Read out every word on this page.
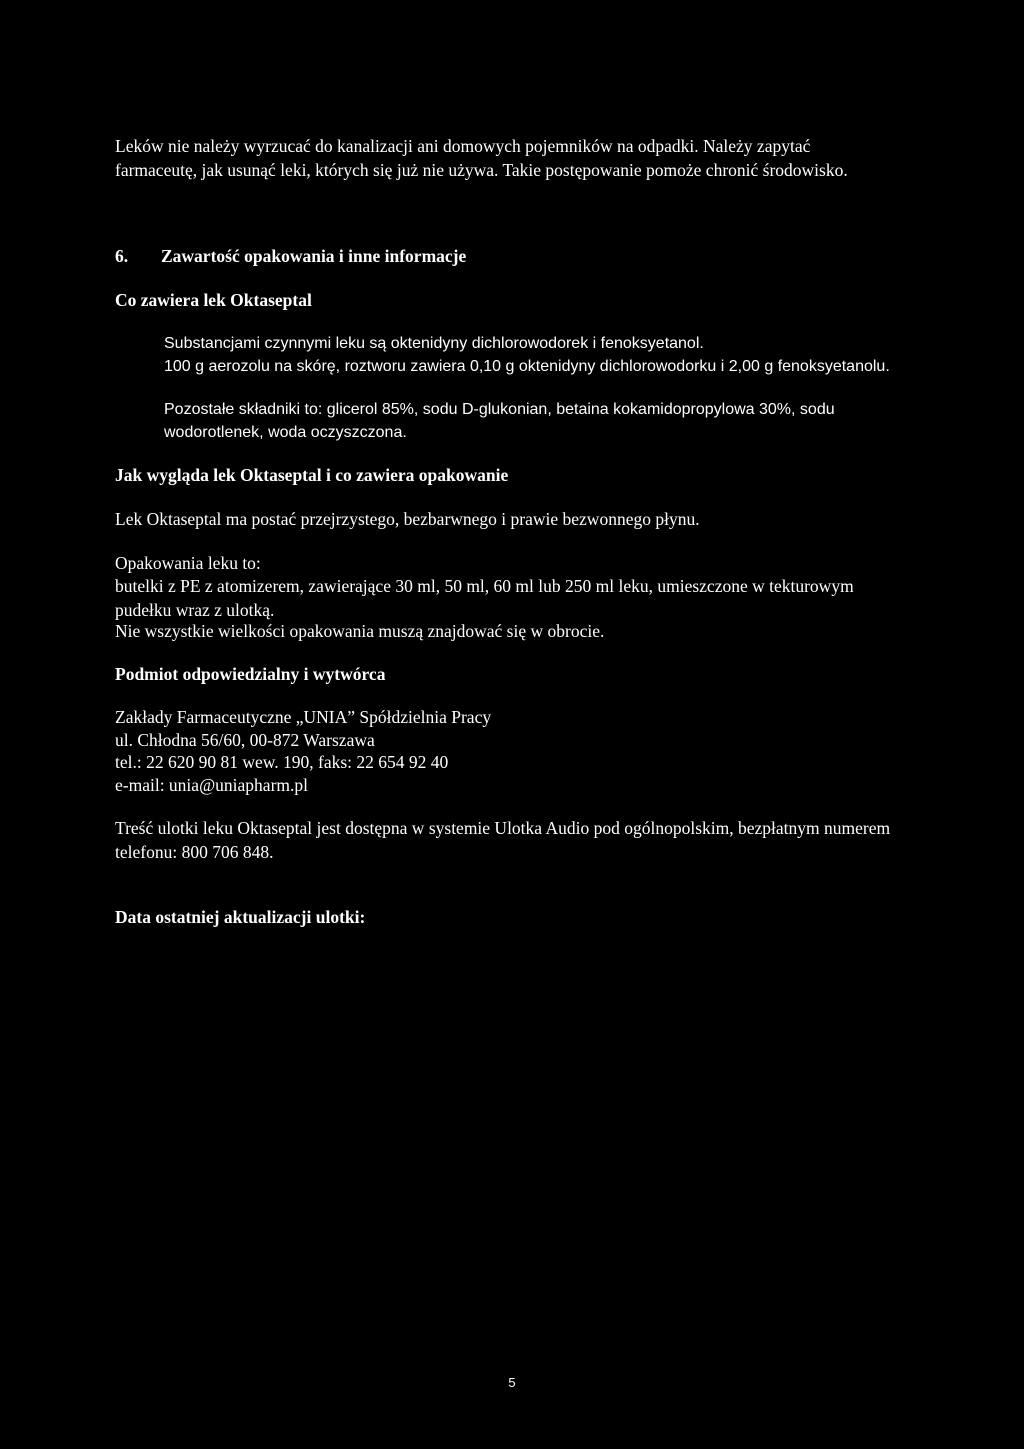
Leków nie należy wyrzucać do kanalizacji ani domowych pojemników na odpadki. Należy zapytać farmaceutę, jak usunąć leki, których się już nie używa. Takie postępowanie pomoże chronić środowisko.

6. Zawartość opakowania i inne informacje

Co zawiera lek Oktaseptal

Substancjami czynnymi leku są oktenidyny dichlorowodorek i fenoksyetanol.

100 g aerozolu na skórę, roztworu zawiera 0,10 g oktenidyny dichlorowodorku i 2,00 g fenoksyetanolu.

Pozostałe składniki to: glicerol 85%, sodu D-glukonian, betaina kokamidopropylowa 30%, sodu wodorotlenek, woda oczyszczona.

Jak wygląda lek Oktaseptal i co zawiera opakowanie

Lek Oktaseptal ma postać przejrzystego, bezbarwnego i prawie bezwonnego płynu.

Opakowania leku to:

butelki z PE z atomizerem, zawierające 30 ml, 50 ml, 60 ml lub 250 ml leku, umieszczone w tekturowym pudełku wraz z ulotką.

Nie wszystkie wielkości opakowania muszą znajdować się w obrocie.

Podmiot odpowiedzialny i wytwórca

Zakłady Farmaceutyczne „UNIA” Spółdzielnia Pracy

ul. Chłodna 56/60, 00-872 Warszawa

tel.: 22 620 90 81 wew. 190, faks: 22 654 92 40

e-mail: unia@uniapharm.pl

Treść ulotki leku Oktaseptal jest dostępna w systemie Ulotka Audio pod ogólnopolskim, bezpłatnym numerem telefonu: 800 706 848.

Data ostatniej aktualizacji ulotki:

5
